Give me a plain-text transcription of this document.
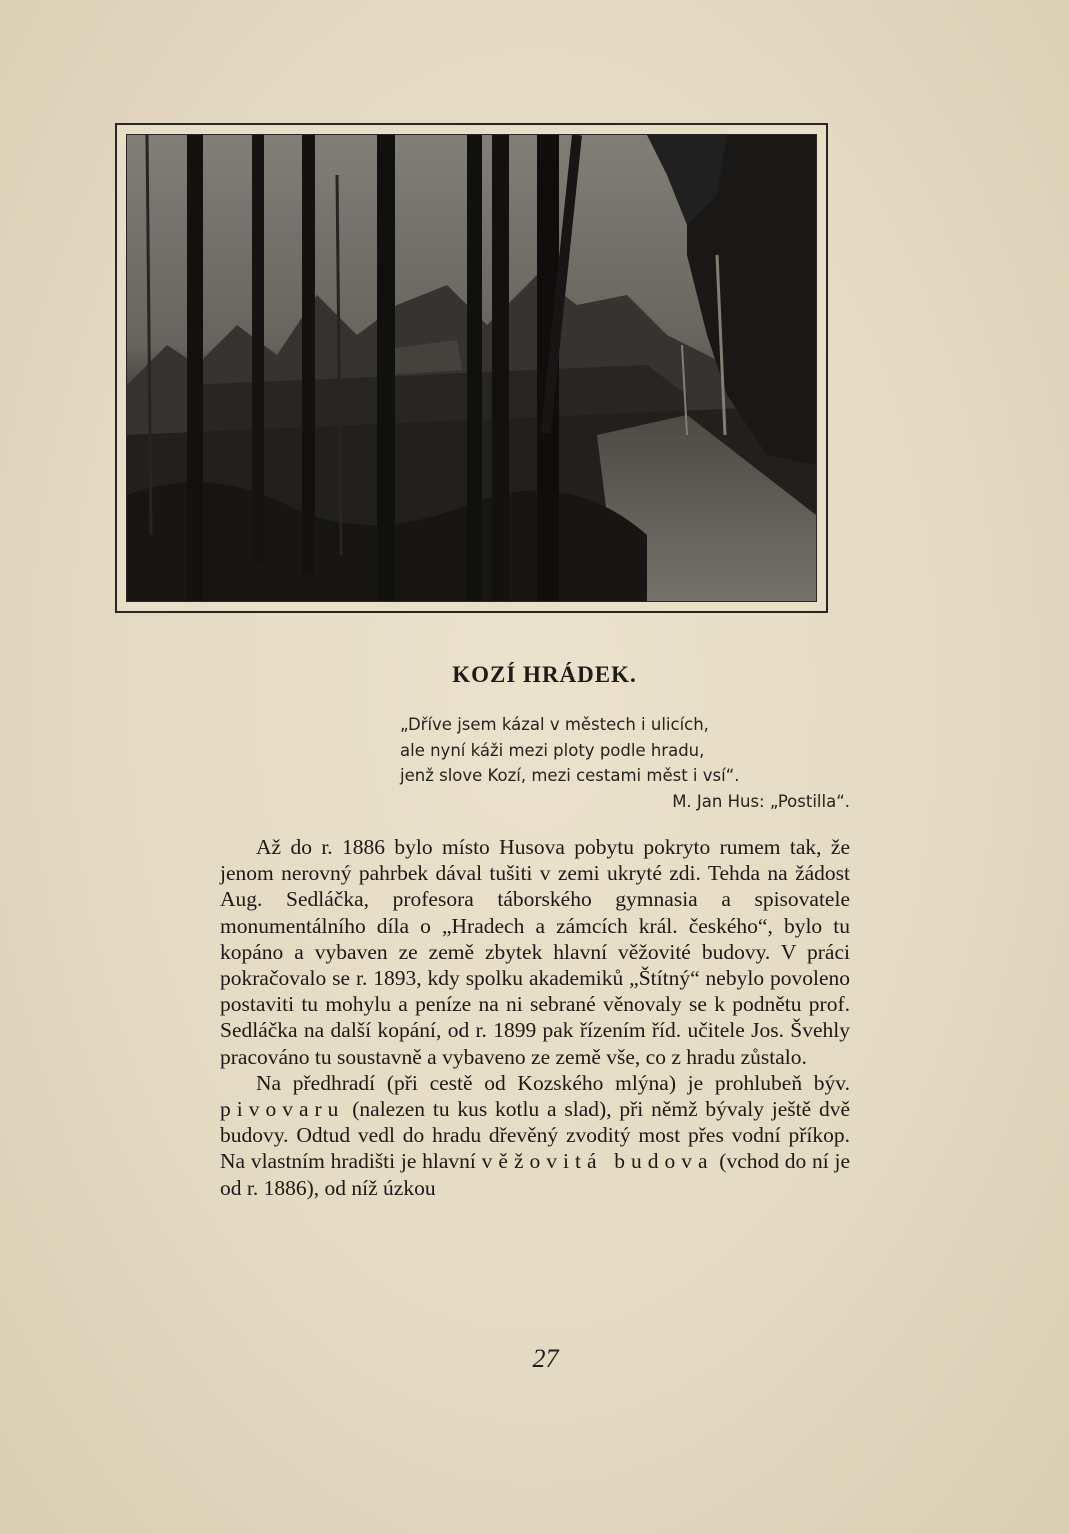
KOZÍ HRÁDEK.
„Dříve jsem kázal v městech i ulicích,
ale nyní káži mezi ploty podle hradu,
jenž slove Kozí, mezi cestami měst i vsí“.
M. Jan Hus: „Postilla“.

Až do r. 1886 bylo místo Husova pobytu pokryto rumem tak, že jenom nerovný pahrbek dával tušiti v zemi ukryté zdi. Tehda na žádost Aug. Sedláčka, profesora táborského gymnasia a spisovatele monumentálního díla o „Hradech a zámcích král. českého“, bylo tu kopáno a vybaven ze země zbytek hlavní věžovité budovy. V práci pokračovalo se r. 1893, kdy spolku akademiků „Štítný“ nebylo povoleno postaviti tu mohylu a peníze na ni sebrané věnovaly se k podnětu prof. Sedláčka na další kopání, od r. 1899 pak řízením říd. učitele Jos. Švehly pracováno tu soustavně a vybaveno ze země vše, co z hradu zůstalo.

Na předhradí (při cestě od Kozského mlýna) je prohlubeň býv. pivovaru (nalezen tu kus kotlu a slad), při němž bývaly ještě dvě budovy. Odtud vedl do hradu dřevěný zvoditý most přes vodní příkop. Na vlastním hradišti je hlavní věžovitá budova (vchod do ní je od r. 1886), od níž úzkou

27
